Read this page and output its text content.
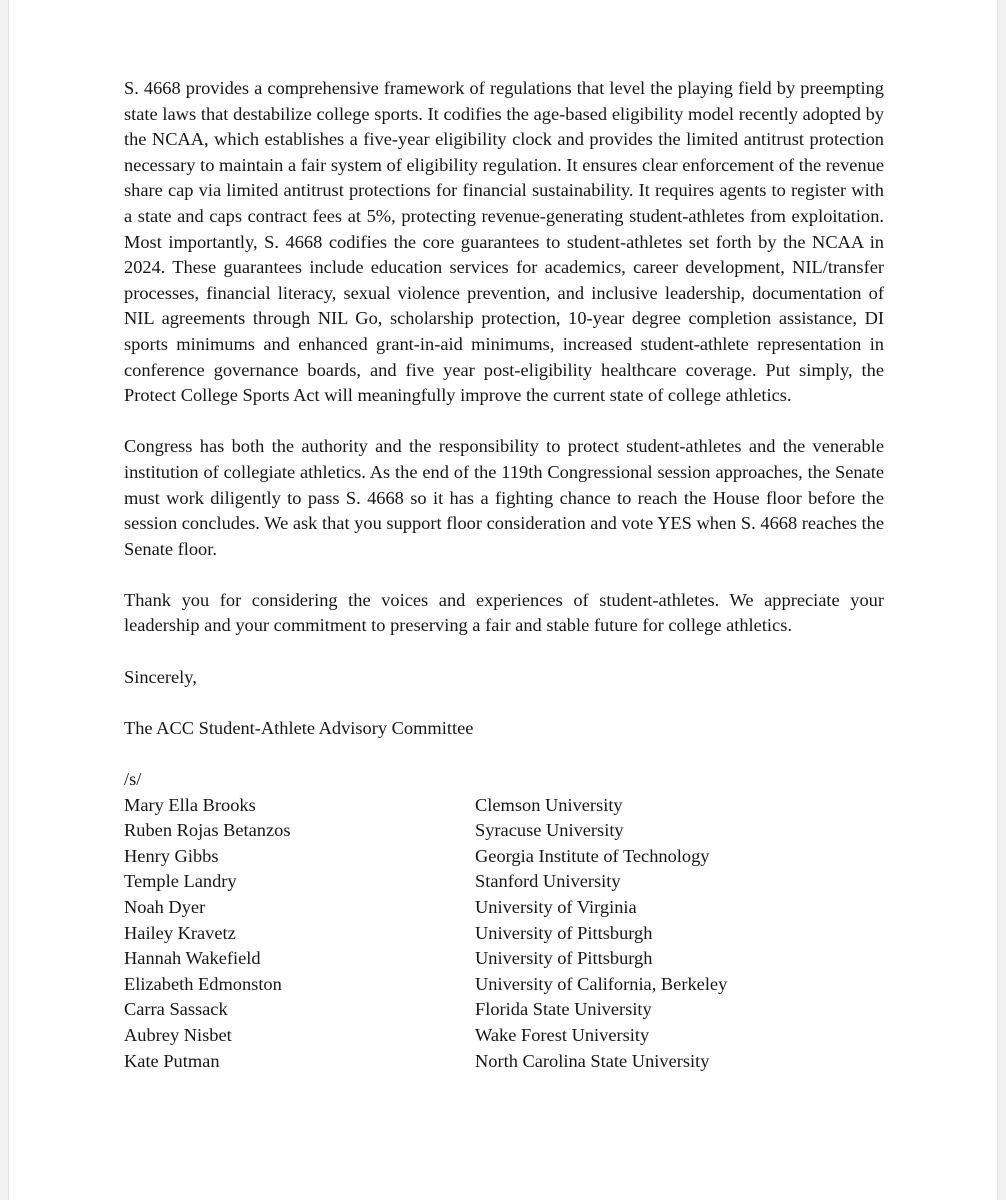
S. 4668 provides a comprehensive framework of regulations that level the playing field by preempting state laws that destabilize college sports. It codifies the age-based eligibility model recently adopted by the NCAA, which establishes a five-year eligibility clock and provides the limited antitrust protection necessary to maintain a fair system of eligibility regulation. It ensures clear enforcement of the revenue share cap via limited antitrust protections for financial sustainability. It requires agents to register with a state and caps contract fees at 5%, protecting revenue-generating student-athletes from exploitation. Most importantly, S. 4668 codifies the core guarantees to student-athletes set forth by the NCAA in 2024. These guarantees include education services for academics, career development, NIL/transfer processes, financial literacy, sexual violence prevention, and inclusive leadership, documentation of NIL agreements through NIL Go, scholarship protection, 10-year degree completion assistance, DI sports minimums and enhanced grant-in-aid minimums, increased student-athlete representation in conference governance boards, and five year post-eligibility healthcare coverage. Put simply, the Protect College Sports Act will meaningfully improve the current state of college athletics.

Congress has both the authority and the responsibility to protect student-athletes and the venerable institution of collegiate athletics. As the end of the 119th Congressional session approaches, the Senate must work diligently to pass S. 4668 so it has a fighting chance to reach the House floor before the session concludes. We ask that you support floor consideration and vote YES when S. 4668 reaches the Senate floor.

Thank you for considering the voices and experiences of student-athletes. We appreciate your leadership and your commitment to preserving a fair and stable future for college athletics.

Sincerely,

The ACC Student-Athlete Advisory Committee

/s/

Mary Ella Brooks	Clemson University
Ruben Rojas Betanzos	Syracuse University
Henry Gibbs	Georgia Institute of Technology
Temple Landry	Stanford University
Noah Dyer	University of Virginia
Hailey Kravetz	University of Pittsburgh
Hannah Wakefield	University of Pittsburgh
Elizabeth Edmonston	University of California, Berkeley
Carra Sassack	Florida State University
Aubrey Nisbet	Wake Forest University
Kate Putman	North Carolina State University
